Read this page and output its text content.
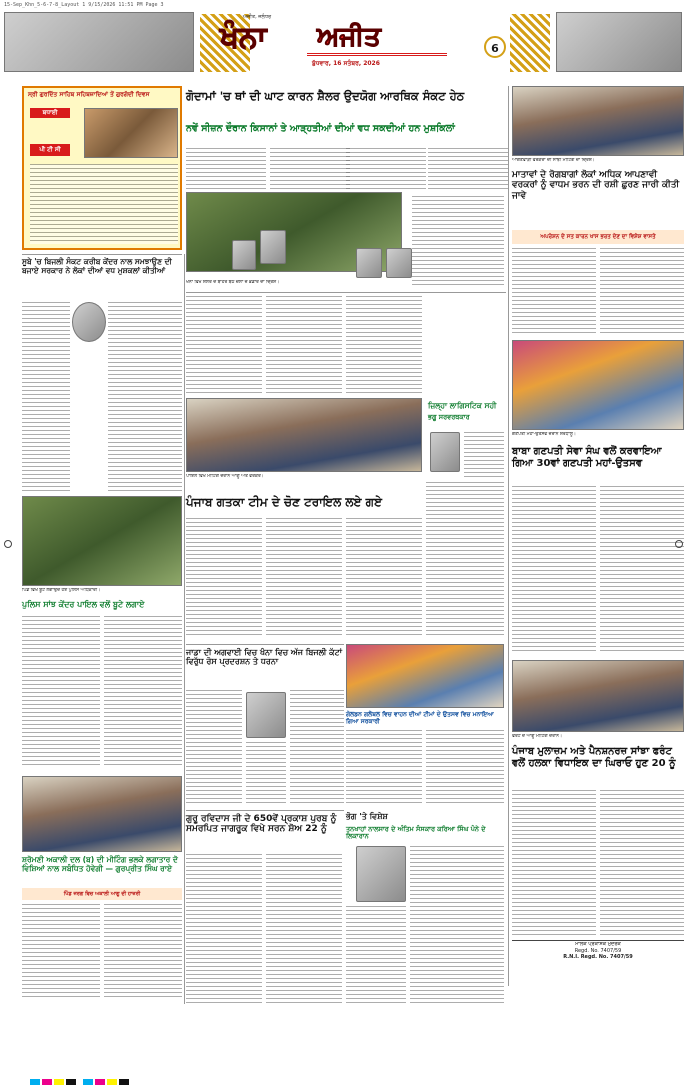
15-Sep_Khn_5-6-7-8_Layout 1 9/15/2026 11:51 PM Page 3
ਅਜੀਤ, ਜਲੰਧਰ
ਖੰਨਾ ਅਜੀਤ
ਬੁੱਧਵਾਰ, 16 ਸਤੰਬਰ, 2026
6
ਸ੍ਰੀ ਗੁਰਦਿੱਤ ਸਾਹਿਬ ਸਹਿਬਜ਼ਾਦਿਆਂ ਤੋਂ ਗੁਰਗੱਦੀ ਦਿਵਸ
ਬਧਾਈ
ਪੀ ਟੀ ਸੀ
ਗੋਦਾਮਾਂ 'ਚ ਥਾਂ ਦੀ ਘਾਟ ਕਾਰਨ ਸ਼ੈਲਰ ਉਦਯੋਗ ਆਰਥਿਕ ਸੰਕਟ ਹੇਠ
ਨਵੇਂ ਸੀਜ਼ਨ ਦੌਰਾਨ ਕਿਸਾਨਾਂ ਤੇ ਆੜ੍ਹਤੀਆਂ ਦੀਆਂ ਵਧ ਸਕਦੀਆਂ ਹਨ ਮੁਸ਼ਕਿਲਾਂ
ਖੰਨਾ ਵਿਖੇ ਸ਼ੈਲਰ ਦੇ ਬਾਹਰ ਬੈਠੇ ਚੌਲਾਂ ਦੇ ਭੰਡਾਰ ਦਾ ਦ੍ਰਿਸ਼।
ਆਂਗਣਵਾੜੀ ਵਰਕਰਾਂ ਦੀ ਸਾਂਝੀ ਮੀਟਿੰਗ ਦਾ ਦ੍ਰਿਸ਼।
ਮਾਤਾਵਾਂ ਦੇ ਰੋਗਬਾਗਾਂ ਲੋਕਾਂ ਅਧਿਕ ਆਪਣਾਵੀ ਵਰਕਰਾਂ ਨੂੰ ਵਾਧਮ ਭਰਨ ਦੀ ਰਸ਼ੀ ਛੁਰਣ ਜਾਰੀ ਕੀਤੀ ਜਾਵੇ
ਅਪਰੇਸ਼ਨ ਦੇ ਸਤ ਕਾਰਨ ਖਾਸ ਭਰਤ ਦੇਣ ਦਾ ਵਿਸ਼ੇਸ਼ ਵਾਸਤੇ
ਗਣਪਤੀ ਮਹਾਂ-ਉਤਸਵ ਦੌਰਾਨ ਸ਼ਰਧਾਲੂ।
ਬਾਬਾ ਗਣਪਤੀ ਸੇਵਾ ਸੰਘ ਵਲੋਂ ਕਰਵਾਇਆ ਗਿਆ 30ਵਾਂ ਗਣਪਤੀ ਮਹਾਂ-ਉਤਸਵ
ਫਰੰਟ ਦੇ ਆਗੂ ਮੀਟਿੰਗ ਦੌਰਾਨ।
ਪੰਜਾਬ ਮੁਲਾਜ਼ਮ ਅਤੇ ਪੈਨਸ਼ਨਰਜ਼ ਸਾਂਝਾ ਫਰੰਟ ਵਲੋਂ ਹਲਕਾ ਵਿਧਾਇਕ ਦਾ ਘਿਰਾਓ ਹੁਣ 20 ਨੂੰ
ਮਾਲਕ ਪ੍ਰਕਾਸ਼ਕ ਮੁਦਰਕ
Regd. No. 7407/59
R.N.I. Regd. No. 7407/59
ਸੂਬੇ 'ਚ ਬਿਜਲੀ ਸੰਕਟ ਕਰੀਬ ਕੇਂਦਰ ਨਾਲ ਸਮਝਾਉਣ ਦੀ ਬਜਾਏ ਸਰਕਾਰ ਨੇ ਲੋਕਾਂ ਦੀਆਂ ਵਧ ਮੁਸ਼ਕਲਾਂ ਕੀਤੀਆਂ
ਪਿੰਡ ਵਿਖੇ ਬੂਟੇ ਲਗਾਉਂਦੇ ਹੋਏ ਪੁਲਿਸ ਅਧਿਕਾਰੀ।
ਪੁਲਿਸ ਸਾਂਝ ਕੇਂਦਰ ਪਾਇਲ ਵਲੋਂ ਬੂਟੇ ਲਗਾਏ
ਸ਼੍ਰੋਮਣੀ ਅਕਾਲੀ ਦਲ (ਬ) ਦੀ ਮੀਟਿੰਗ ਭਲਕੇ ਲਗਾਤਾਰ ਦੋ ਵਿਸ਼ਿਆਂ ਨਾਲ ਸਬੰਧਿਤ ਹੋਵੇਗੀ — ਗੁਰਪ੍ਰੀਤ ਸਿੰਘ ਰਾਏ
ਪਿੰਡ ਜਰਗ ਵਿਚ ਅਕਾਲੀ ਆਗੂ ਦੀ ਹਾਜ਼ਰੀ
ਪਾਇਲ ਵਿਖੇ ਮੀਟਿੰਗ ਦੌਰਾਨ ਆਗੂ ਅਤੇ ਵਰਕਰ।
ਜ਼ਿਲ੍ਹਾ ਲਾਗਿਸਟਿਕ ਸਹੀ
ਭਗੂ ਸਰਵਰਥਕਾਰ
ਪੰਜਾਬ ਗਤਕਾ ਟੀਮ ਦੇ ਚੋਣ ਟਰਾਇਲ ਲਏ ਗਏ
ਜਾਡਾ ਦੀ ਅਗਵਾਈ ਵਿਚ ਖੰਨਾ ਵਿਚ ਅੱਜ ਬਿਜਲੀ ਕੱਟਾਂ ਵਿਰੁੱਧ ਰੋਸ ਪ੍ਰਦਰਸ਼ਨ ਤੇ ਧਰਨਾ
ਗੋਲਡਨ ਗਲੋਬਲ ਵਿਚ ਵਾਹਨ ਦੀਆਂ ਟੀਮਾਂ ਦੇ ਉਤਸਵ ਵਿਚ ਮਨਾਇਆ ਗਿਆ ਸਰਕਾਰੀ
ਗੁਰੂ ਰਵਿਦਾਸ ਜੀ ਦੇ 650ਵੇਂ ਪ੍ਰਕਾਸ਼ ਪੁਰਬ ਨੂੰ ਸਮਰਪਿਤ ਜਾਗਰੂਕ ਵਿਖੇ ਸਰਨ ਸ਼ੋਅ 22 ਨੂੰ
ਭੋਗ 'ਤੇ ਵਿਸ਼ੇਸ਼
ਤਨਖਾਹਾਂ ਨਾਲਸਾਰ ਦੇ ਅੰਤਿਮ ਸੰਸਕਾਰ ਕਰਿਆ ਸਿੰਘ ਪੰਨੇ ਦੇ ਲਿਕਾਰਾਨ
